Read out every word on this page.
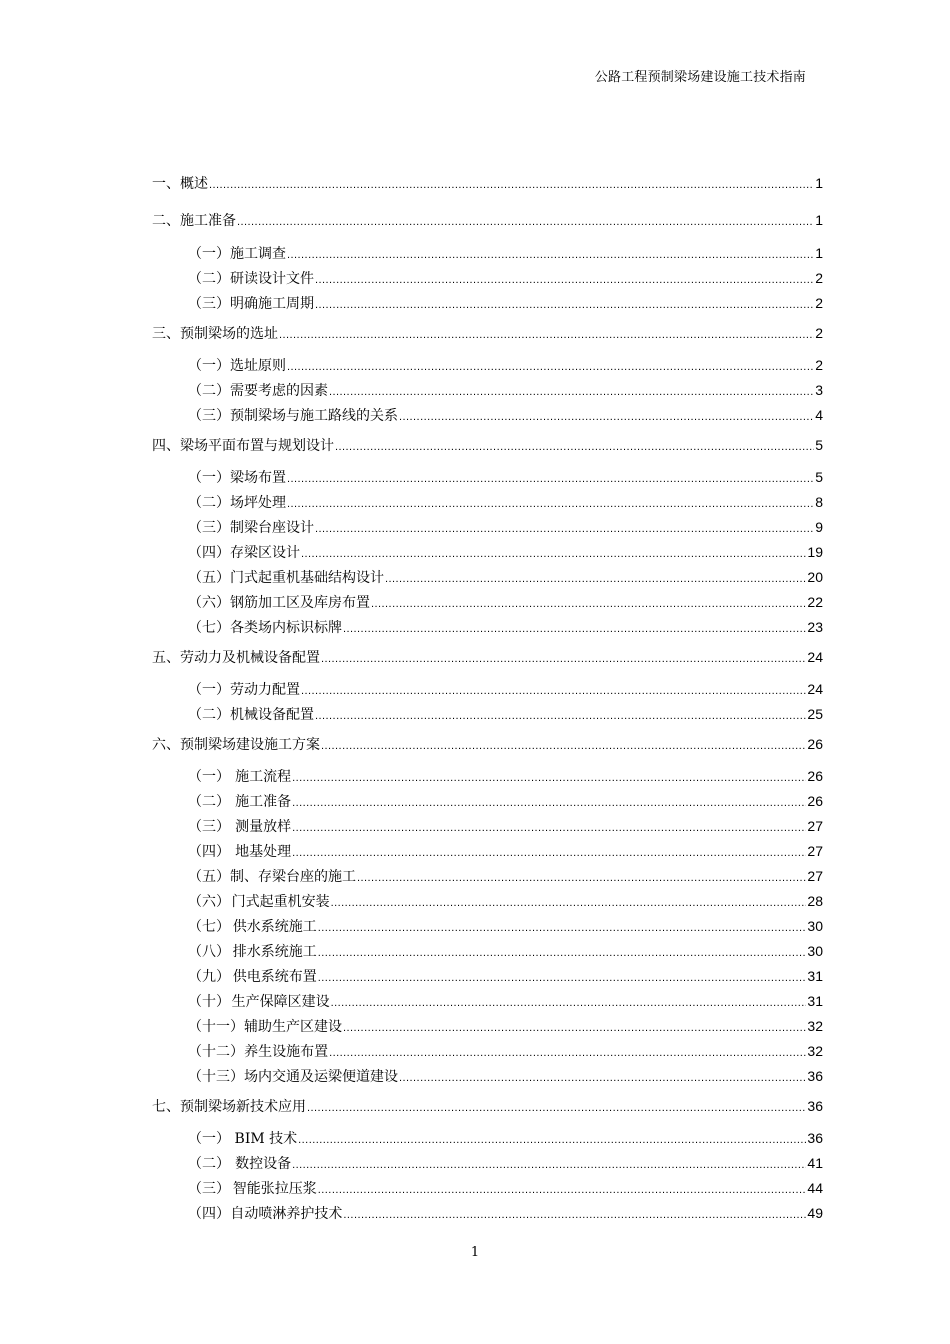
公路工程预制梁场建设施工技术指南
一、概述 . . .	1
二、施工准备 . . .	1
（一） 施工调查 . . .	1
（二） 研读设计文件 . . .	2
（三） 明确施工周期 . . .	2
三、预制梁场的选址 . . .	2
（一） 选址原则 . . .	2
（二） 需要考虑的因素 . . .	3
（三） 预制梁场与施工路线的关系 . . .	4
四、梁场平面布置与规划设计 . . .	5
（一） 梁场布置 . . .	5
（二） 场坪处理 . . .	8
（三） 制梁台座设计 . . .	9
（四） 存梁区设计 . . .	19
（五） 门式起重机基础结构设计 . . .	20
（六） 钢筋加工区及库房布置 . . .	22
（七） 各类场内标识标牌 . . .	23
五、劳动力及机械设备配置 . . .	24
（一） 劳动力配置 . . .	24
（二） 机械设备配置 . . .	25
六、预制梁场建设施工方案 . . .	26
（一） 施工流程 . . .	26
（二） 施工准备 . . .	26
（三） 测量放样 . . .	27
（四） 地基处理 . . .	27
（五） 制、存梁台座的施工 . . .	27
（六） 门式起重机安装 . . .	28
（七） 供水系统施工 . . .	30
（八） 排水系统施工 . . .	30
（九） 供电系统布置 . . .	31
（十） 生产保障区建设 . . .	31
（十一） 辅助生产区建设 . . .	32
（十二） 养生设施布置 . . .	32
（十三） 场内交通及运梁便道建设 . . .	36
七、预制梁场新技术应用 . . .	36
（一） BIM 技术 . . .	36
（二） 数控设备 . . .	41
（三） 智能张拉压浆 . . .	44
（四） 自动喷淋养护技术 . . .	49
1
